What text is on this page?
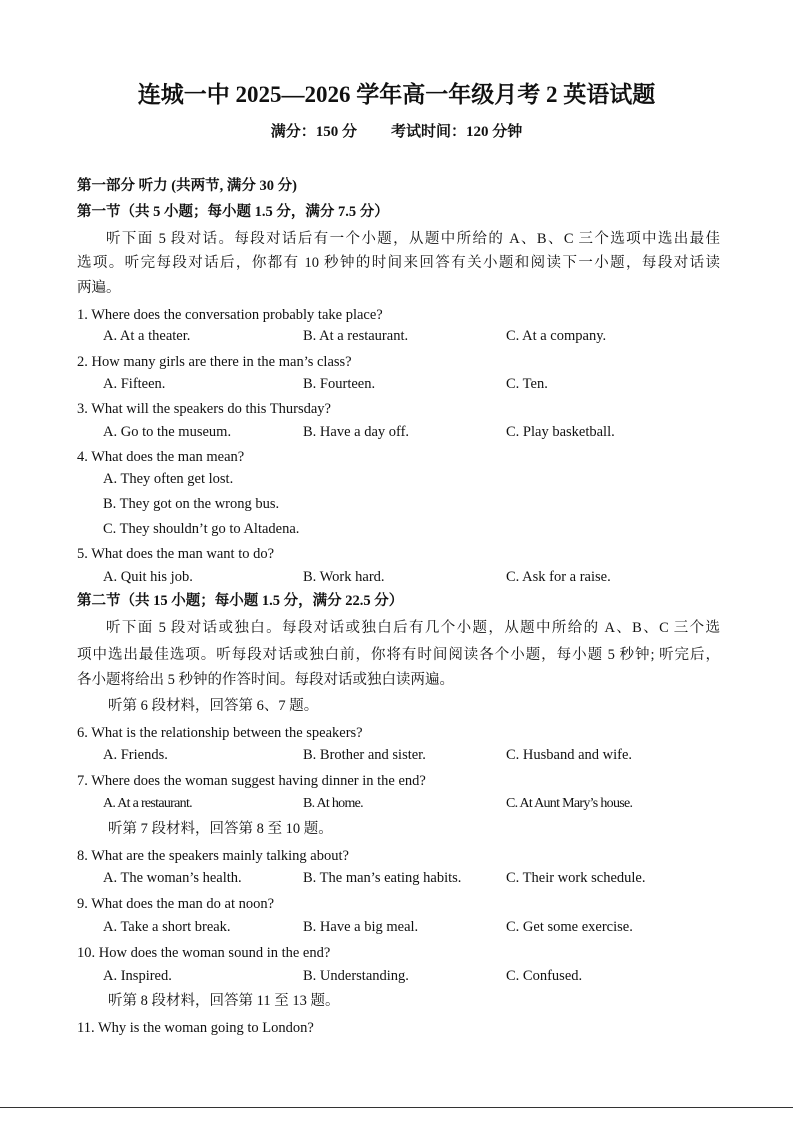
连城一中 2025—2026 学年高一年级月考 2 英语试题
满分：150 分 考试时间：120 分钟
第一部分 听力 (共两节, 满分 30 分)
第一节（共 5 小题；每小题 1.5 分，满分 7.5 分）
听下面 5 段对话。每段对话后有一个小题，从题中所给的 A、B、C 三个选项中选出最佳
选项。听完每段对话后，你都有 10 秒钟的时间来回答有关小题和阅读下一小题，每段对话读
两遍。
1. Where does the conversation probably take place?
A. At a theater.	B. At a restaurant.	C. At a company.
2. How many girls are there in the man’s class?
A. Fifteen.	B. Fourteen.	C. Ten.
3. What will the speakers do this Thursday?
A. Go to the museum.	B. Have a day off.	C. Play basketball.
4. What does the man mean?
A. They often get lost.
B. They got on the wrong bus.
C. They shouldn’t go to Altadena.
5. What does the man want to do?
A. Quit his job.	B. Work hard.	C. Ask for a raise.
第二节（共 15 小题；每小题 1.5 分，满分 22.5 分）
听下面 5 段对话或独白。每段对话或独白后有几个小题，从题中所给的 A、B、C 三个选
项中选出最佳选项。听每段对话或独白前，你将有时间阅读各个小题，每小题 5 秒钟; 听完后，
各小题将给出 5 秒钟的作答时间。每段对话或独白读两遍。
听第 6 段材料，回答第 6、7 题。
6. What is the relationship between the speakers?
A. Friends.	B. Brother and sister.	C. Husband and wife.
7. Where does the woman suggest having dinner in the end?
A. At a restaurant.	B. At home.	C. At Aunt Mary’s house.
听第 7 段材料，回答第 8 至 10 题。
8. What are the speakers mainly talking about?
A. The woman’s health.	B. The man’s eating habits.	C. Their work schedule.
9. What does the man do at noon?
A. Take a short break.	B. Have a big meal.	C. Get some exercise.
10. How does the woman sound in the end?
A. Inspired.	B. Understanding.	C. Confused.
听第 8 段材料，回答第 11 至 13 题。
11. Why is the woman going to London?
